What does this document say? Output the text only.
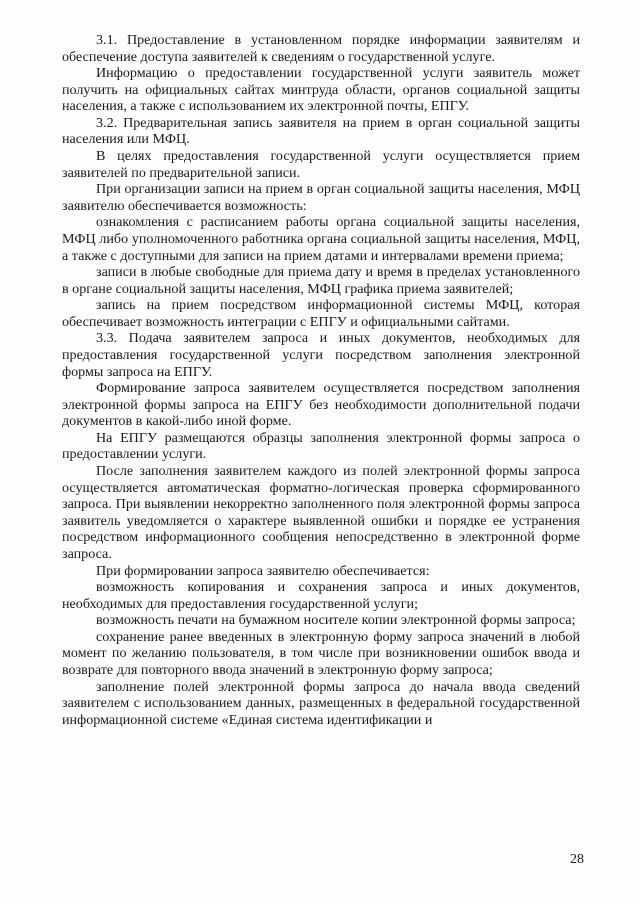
3.1. Предоставление в установленном порядке информации заявителям и обеспечение доступа заявителей к сведениям о государственной услуге.

Информацию о предоставлении государственной услуги заявитель может получить на официальных сайтах минтруда области, органов социальной защиты населения, а также с использованием их электронной почты, ЕПГУ.

3.2. Предварительная запись заявителя на прием в орган социальной защиты населения или МФЦ.

В целях предоставления государственной услуги осуществляется прием заявителей по предварительной записи.

При организации записи на прием в орган социальной защиты населения, МФЦ заявителю обеспечивается возможность:

ознакомления с расписанием работы органа социальной защиты населения, МФЦ либо уполномоченного работника органа социальной защиты населения, МФЦ, а также с доступными для записи на прием датами и интервалами времени приема;

записи в любые свободные для приема дату и время в пределах установленного в органе социальной защиты населения, МФЦ графика приема заявителей;

запись на прием посредством информационной системы МФЦ, которая обеспечивает возможность интеграции с ЕПГУ и официальными сайтами.

3.3. Подача заявителем запроса и иных документов, необходимых для предоставления государственной услуги посредством заполнения электронной формы запроса на ЕПГУ.

Формирование запроса заявителем осуществляется посредством заполнения электронной формы запроса на ЕПГУ без необходимости дополнительной подачи документов в какой-либо иной форме.

На ЕПГУ размещаются образцы заполнения электронной формы запроса о предоставлении услуги.

После заполнения заявителем каждого из полей электронной формы запроса осуществляется автоматическая форматно-логическая проверка сформированного запроса. При выявлении некорректно заполненного поля электронной формы запроса заявитель уведомляется о характере выявленной ошибки и порядке ее устранения посредством информационного сообщения непосредственно в электронной форме запроса.

При формировании запроса заявителю обеспечивается:

возможность копирования и сохранения запроса и иных документов, необходимых для предоставления государственной услуги;

возможность печати на бумажном носителе копии электронной формы запроса;

сохранение ранее введенных в электронную форму запроса значений в любой момент по желанию пользователя, в том числе при возникновении ошибок ввода и возврате для повторного ввода значений в электронную форму запроса;

заполнение полей электронной формы запроса до начала ввода сведений заявителем с использованием данных, размещенных в федеральной государственной информационной системе «Единая система идентификации и

28
